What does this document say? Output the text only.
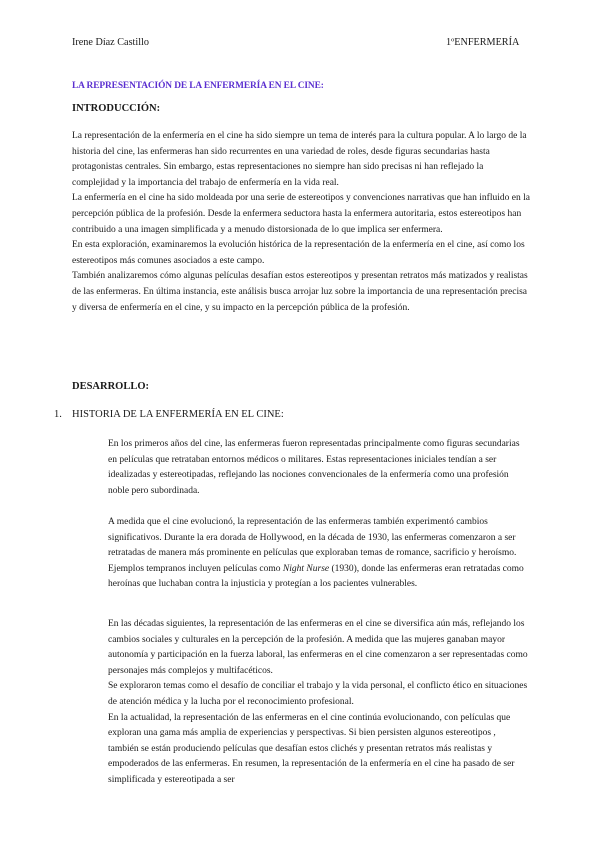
Irene Díaz Castillo	1ºENFERMERÍA
LA REPRESENTACIÓN DE LA ENFERMERÍA EN EL CINE:
INTRODUCCIÓN:

La representación de la enfermería en el cine ha sido siempre un tema de interés para la cultura popular. A lo largo de la historia del cine, las enfermeras han sido recurrentes en una variedad de roles, desde figuras secundarias hasta protagonistas centrales. Sin embargo, estas representaciones no siempre han sido precisas ni han reflejado la complejidad y la importancia del trabajo de enfermería en la vida real.

La enfermería en el cine ha sido moldeada por una serie de estereotipos y convenciones narrativas que han influido en la percepción pública de la profesión. Desde la enfermera seductora hasta la enfermera autoritaria, estos estereotipos han contribuido a una imagen simplificada y a menudo distorsionada de lo que implica ser enfermera.

En esta exploración, examinaremos la evolución histórica de la representación de la enfermería en el cine, así como los estereotipos más comunes asociados a este campo.

También analizaremos cómo algunas películas desafían estos estereotipos y presentan retratos más matizados y realistas de las enfermeras. En última instancia, este análisis busca arrojar luz sobre la importancia de una representación precisa y diversa de enfermería en el cine, y su impacto en la percepción pública de la profesión.

DESARROLLO:
1. HISTORIA DE LA ENFERMERÍA EN EL CINE:

En los primeros años del cine, las enfermeras fueron representadas principalmente como figuras secundarias en películas que retrataban entornos médicos o militares. Estas representaciones iniciales tendían a ser idealizadas y estereotipadas, reflejando las nociones convencionales de la enfermería como una profesión noble pero subordinada.

A medida que el cine evolucionó, la representación de las enfermeras también experimentó cambios significativos. Durante la era dorada de Hollywood, en la década de 1930, las enfermeras comenzaron a ser retratadas de manera más prominente en películas que exploraban temas de romance, sacrificio y heroísmo. Ejemplos tempranos incluyen películas como Night Nurse (1930), donde las enfermeras eran retratadas como heroínas que luchaban contra la injusticia y protegían a los pacientes vulnerables.

En las décadas siguientes, la representación de las enfermeras en el cine se diversifica aún más, reflejando los cambios sociales y culturales en la percepción de la profesión. A medida que las mujeres ganaban mayor autonomía y participación en la fuerza laboral, las enfermeras en el cine comenzaron a ser representadas como personajes más complejos y multifacéticos.

Se exploraron temas como el desafío de conciliar el trabajo y la vida personal, el conflicto ético en situaciones de atención médica y la lucha por el reconocimiento profesional.

En la actualidad, la representación de las enfermeras en el cine continúa evolucionando, con películas que exploran una gama más amplia de experiencias y perspectivas. Si bien persisten algunos estereotipos , también se están produciendo películas que desafían estos clichés y presentan retratos más realistas y empoderados de las enfermeras. En resumen, la representación de la enfermería en el cine ha pasado de ser simplificada y estereotipada a ser
